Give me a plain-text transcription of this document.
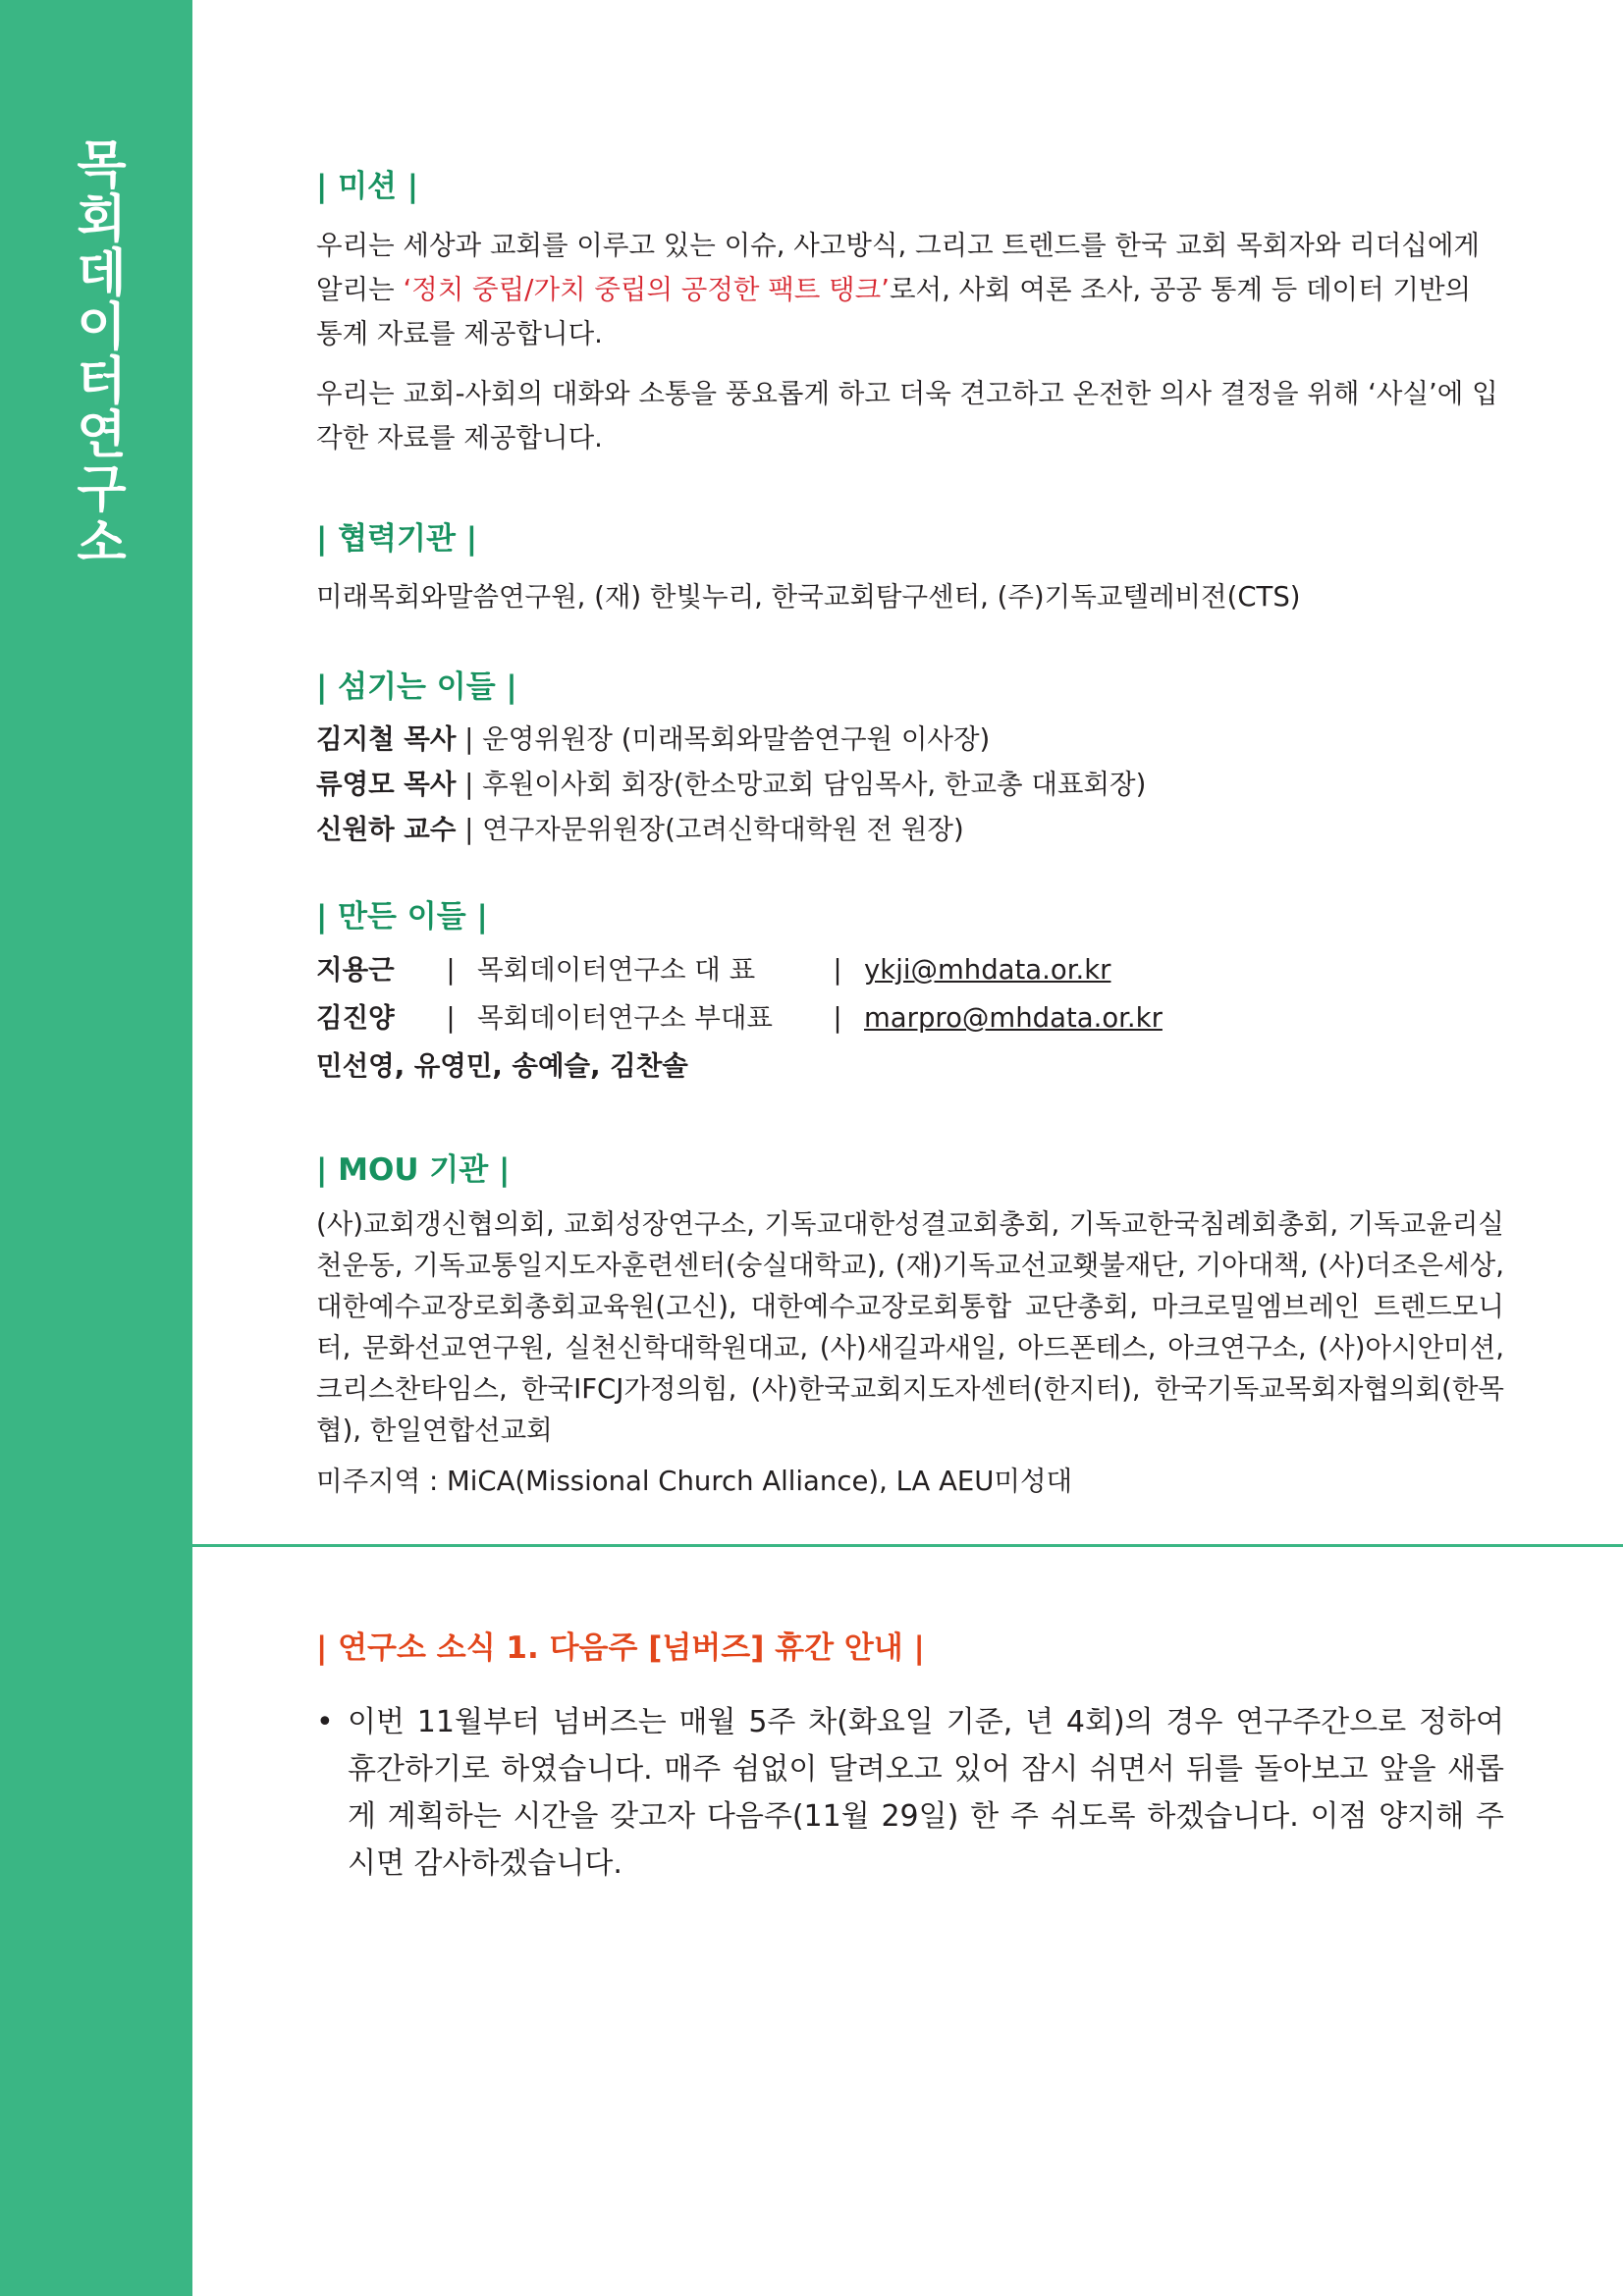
목회데이터연구소	| 미션 |

우리는 세상과 교회를 이루고 있는 이슈, 사고방식, 그리고 트렌드를 한국 교회 목회자와 리더십에게 알리는 ‘정치 중립/가치 중립의 공정한 팩트 탱크’로서, 사회 여론 조사, 공공 통계 등 데이터 기반의 통계 자료를 제공합니다.

우리는 교회-사회의 대화와 소통을 풍요롭게 하고 더욱 견고하고 온전한 의사 결정을 위해 ‘사실’에 입각한 자료를 제공합니다.

| 협력기관 |

미래목회와말씀연구원, (재) 한빛누리, 한국교회탐구센터, (주)기독교텔레비전(CTS)

| 섬기는 이들 |

김지철 목사 | 운영위원장 (미래목회와말씀연구원 이사장)

류영모 목사 | 후원이사회 회장(한소망교회 담임목사, 한교총 대표회장)

신원하 교수 | 연구자문위원장(고려신학대학원 전 원장)

| 만든 이들 |
지용근	| 목회데이터연구소 대 표	| ykji@mhdata.or.kr
김진양	| 목회데이터연구소 부대표	| marpro@mhdata.or.kr
민선영, 유영민, 송예슬, 김찬솔
| MOU 기관 |

(사)교회갱신협의회, 교회성장연구소, 기독교대한성결교회총회, 기독교한국침례회총회, 기독교윤리실천운동, 기독교통일지도자훈련센터(숭실대학교), (재)기독교선교횃불재단, 기아대책, (사)더조은세상, 대한예수교장로회총회교육원(고신), 대한예수교장로회통합 교단총회, 마크로밀엠브레인 트렌드모니터, 문화선교연구원, 실천신학대학원대교, (사)새길과새일, 아드폰테스, 아크연구소, (사)아시안미션, 크리스찬타임스, 한국IFCJ가정의힘, (사)한국교회지도자센터(한지터), 한국기독교목회자협의회(한목협), 한일연합선교회

미주지역 : MiCA(Missional Church Alliance), LA AEU미성대

| 연구소 소식 1. 다음주 [넘버즈] 휴간 안내 |
• 이번 11월부터 넘버즈는 매월 5주 차(화요일 기준, 년 4회)의 경우 연구주간으로 정하여 휴간하기로 하였습니다. 매주 쉼없이 달려오고 있어 잠시 쉬면서 뒤를 돌아보고 앞을 새롭게 계획하는 시간을 갖고자 다음주(11월 29일) 한 주 쉬도록 하겠습니다. 이점 양지해 주시면 감사하겠습니다.
